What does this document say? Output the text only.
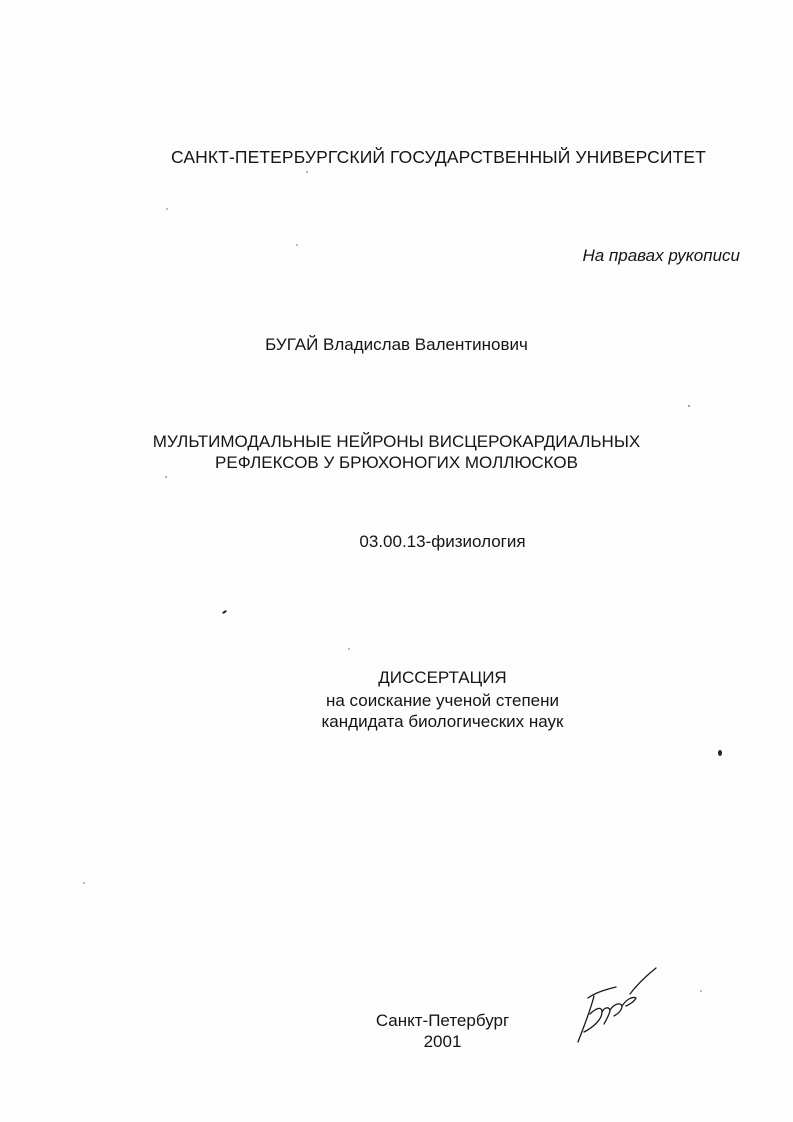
САНКТ-ПЕТЕРБУРГСКИЙ ГОСУДАРСТВЕННЫЙ УНИВЕРСИТЕТ
На правах рукописи
БУГАЙ Владислав Валентинович
МУЛЬТИМОДАЛЬНЫЕ НЕЙРОНЫ ВИСЦЕРОКАРДИАЛЬНЫХ
РЕФЛЕКСОВ У БРЮХОНОГИХ МОЛЛЮСКОВ
03.00.13-физиология
ДИССЕРТАЦИЯ
на соискание ученой степени
кандидата биологических наук
Санкт-Петербург
2001
